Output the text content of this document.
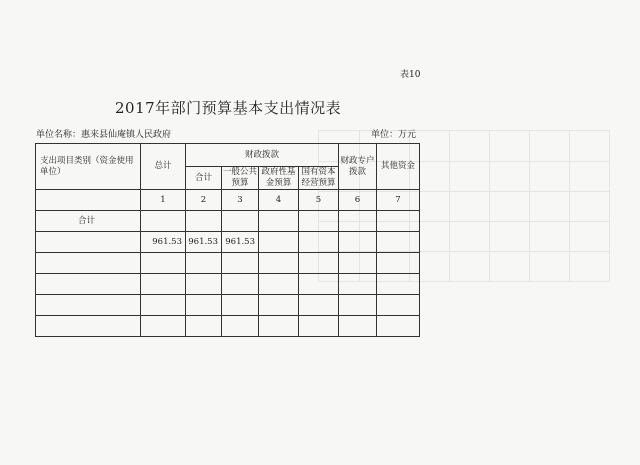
表10
2017年部门预算基本支出情况表
单位名称：惠来县仙庵镇人民政府	单位：万元
支出项目类别（资金使用单位）	总计	财政拨款				财政专户拨款	其他资金
		合计	一般公共预算	政府性基金预算	国有资本经营预算		
	1	2	3	4	5	6	7
合计							
	961.53	961.53	961.53				
